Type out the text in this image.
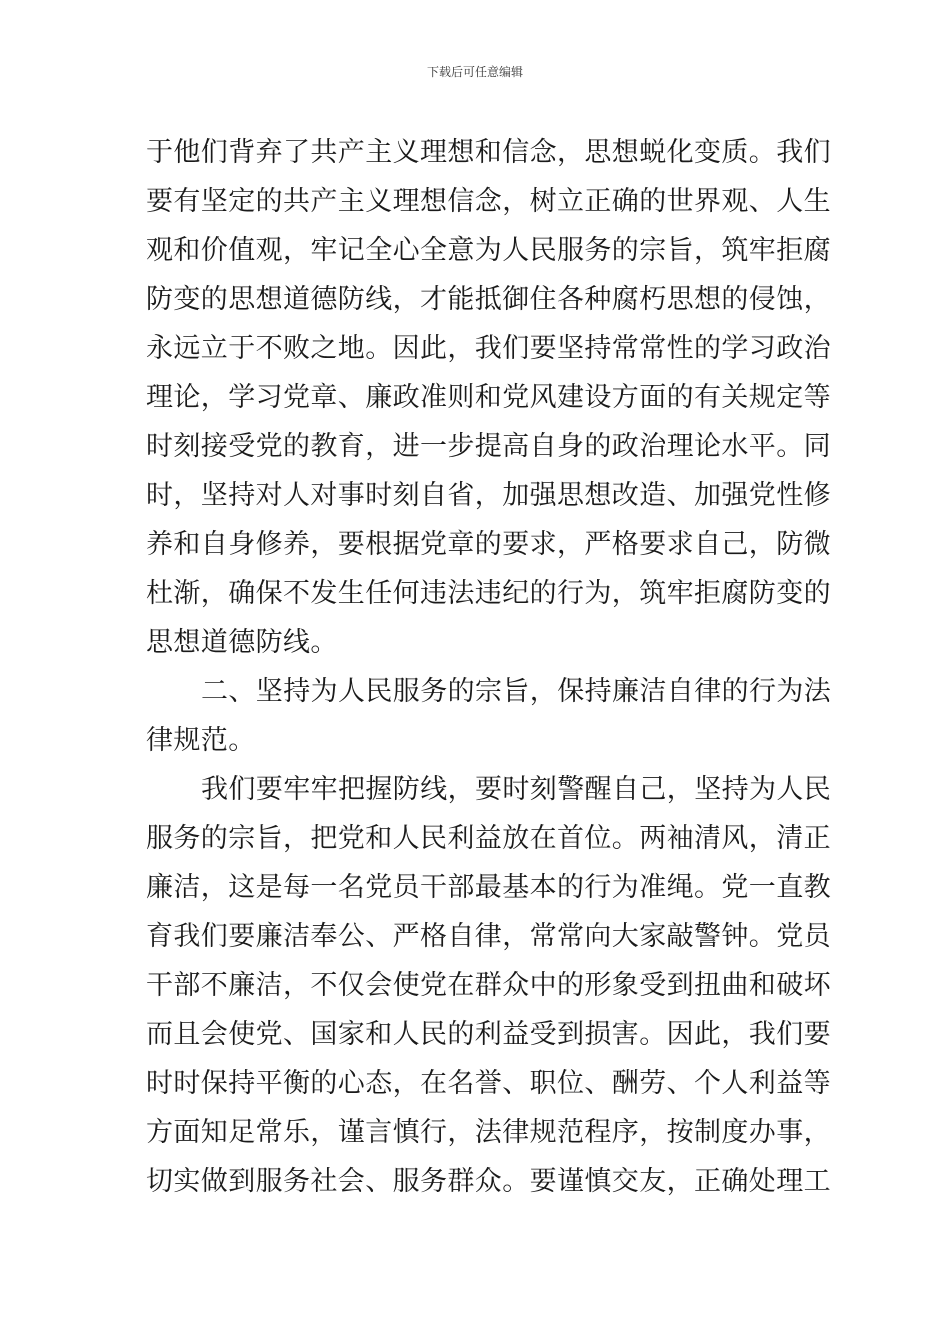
下载后可任意编辑
于他们背弃了共产主义理想和信念，思想蜕化变质。我们
要有坚定的共产主义理想信念，树立正确的世界观、人生
观和价值观，牢记全心全意为人民服务的宗旨，筑牢拒腐
防变的思想道德防线，才能抵御住各种腐朽思想的侵蚀，
永远立于不败之地。因此，我们要坚持常常性的学习政治
理论，学习党章、廉政准则和党风建设方面的有关规定等
时刻接受党的教育，进一步提高自身的政治理论水平。同
时，坚持对人对事时刻自省，加强思想改造、加强党性修
养和自身修养，要根据党章的要求，严格要求自己，防微
杜渐，确保不发生任何违法违纪的行为，筑牢拒腐防变的
思想道德防线。
二、坚持为人民服务的宗旨，保持廉洁自律的行为法
律规范。
我们要牢牢把握防线，要时刻警醒自己，坚持为人民
服务的宗旨，把党和人民利益放在首位。两袖清风，清正
廉洁，这是每一名党员干部最基本的行为准绳。党一直教
育我们要廉洁奉公、严格自律，常常向大家敲警钟。党员
干部不廉洁，不仅会使党在群众中的形象受到扭曲和破坏
而且会使党、国家和人民的利益受到损害。因此，我们要
时时保持平衡的心态，在名誉、职位、酬劳、个人利益等
方面知足常乐，谨言慎行，法律规范程序，按制度办事，
切实做到服务社会、服务群众。要谨慎交友，正确处理工
